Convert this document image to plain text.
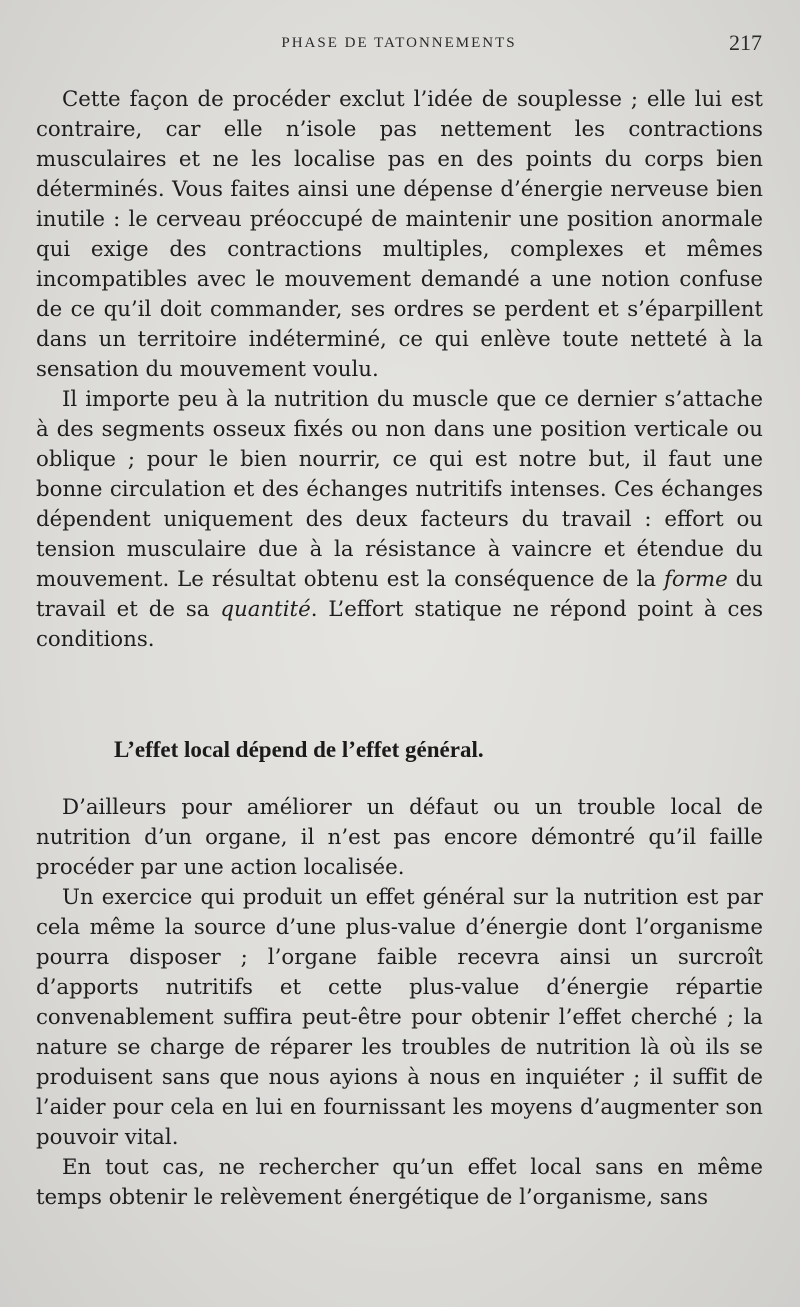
PHASE DE TATONNEMENTS	217

Cette façon de procéder exclut l’idée de souplesse ; elle lui est contraire, car elle n’isole pas nettement les contractions musculaires et ne les localise pas en des points du corps bien déterminés. Vous faites ainsi une dépense d’énergie nerveuse bien inutile : le cerveau préoccupé de maintenir une position anormale qui exige des contractions multiples, complexes et mêmes incompatibles avec le mouvement demandé a une notion confuse de ce qu’il doit commander, ses ordres se perdent et s’éparpillent dans un territoire indéterminé, ce qui enlève toute netteté à la sensation du mouvement voulu.

Il importe peu à la nutrition du muscle que ce dernier s’attache à des segments osseux fixés ou non dans une position verticale ou oblique ; pour le bien nourrir, ce qui est notre but, il faut une bonne circulation et des échanges nutritifs intenses. Ces échanges dépendent uniquement des deux facteurs du travail : effort ou tension musculaire due à la résistance à vaincre et étendue du mouvement. Le résultat obtenu est la conséquence de la forme du travail et de sa quantité. L’effort statique ne répond point à ces conditions.

L’effet local dépend de l’effet général.

D’ailleurs pour améliorer un défaut ou un trouble local de nutrition d’un organe, il n’est pas encore démontré qu’il faille procéder par une action localisée.

Un exercice qui produit un effet général sur la nutrition est par cela même la source d’une plus-value d’énergie dont l’organisme pourra disposer ; l’organe faible recevra ainsi un surcroît d’apports nutritifs et cette plus-value d’énergie répartie convenablement suffira peut-être pour obtenir l’effet cherché ; la nature se charge de réparer les troubles de nutrition là où ils se produisent sans que nous ayions à nous en inquiéter ; il suffit de l’aider pour cela en lui en fournissant les moyens d’augmenter son pouvoir vital.

En tout cas, ne rechercher qu’un effet local sans en même temps obtenir le relèvement énergétique de l’organisme, sans
